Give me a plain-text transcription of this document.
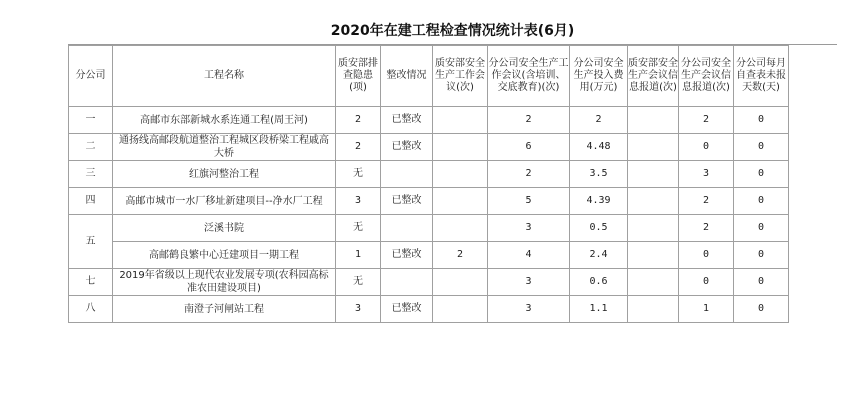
2020年在建工程检查情况统计表(6月)
分公司	工程名称	质安部排查隐患(项)	整改情况	质安部安全生产工作会议(次)	分公司安全生产工作会议(含培训、交底教育)(次)	分公司安全生产投入费用(万元)	质安部安全生产会议信息报道(次)	分公司安全生产会议信息报道(次)	分公司每月自查表未报天数(天)
一	高邮市东部新城水系连通工程(周王河)	2	已整改		2	2		2	0
二	通扬线高邮段航道整治工程城区段桥梁工程戚高大桥	2	已整改		6	4.48		0	0
三	红旗河整治工程	无			2	3.5		3	0
四	高邮市城市一水厂移址新建项目--净水厂工程	3	已整改		5	4.39		2	0
五	泛溪书院	无			3	0.5		2	0
	高邮鹤良繁中心迁建项目一期工程	1	已整改	2	4	2.4		0	0
七	2019年省级以上现代农业发展专项(农科园高标准农田建设项目)	无			3	0.6		0	0
八	南澄子河闸站工程	3	已整改		3	1.1		1	0
